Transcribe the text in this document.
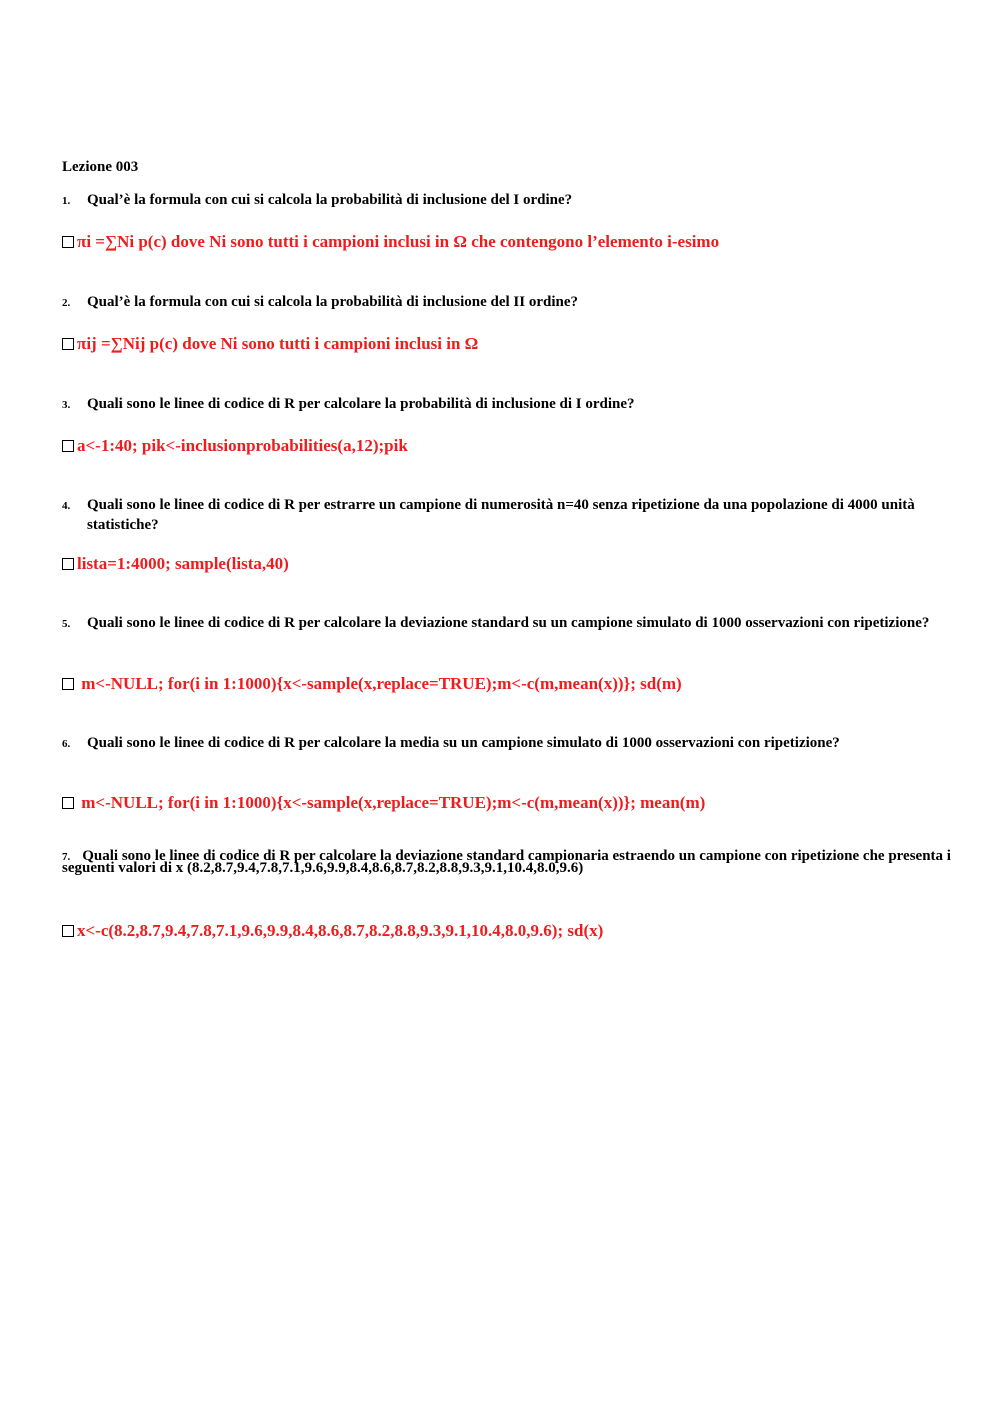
Lezione 003
1. Qual’è la formula con cui si calcola la probabilità di inclusione del I ordine?
πi =∑Ni p(c) dove Ni sono tutti i campioni inclusi in Ω che contengono l’elemento i-esimo
2. Qual’è la formula con cui si calcola la probabilità di inclusione del II ordine?
πij =∑Nij p(c) dove Ni sono tutti i campioni inclusi in Ω
3. Quali sono le linee di codice di R per calcolare la probabilità di inclusione di I ordine?
a<-1:40; pik<-inclusionprobabilities(a,12);pik
4. Quali sono le linee di codice di R per estrarre un campione di numerosità n=40 senza ripetizione da una popolazione di 4000 unità statistiche?
lista=1:4000; sample(lista,40)
5. Quali sono le linee di codice di R per calcolare la deviazione standard su un campione simulato di 1000 osservazioni con ripetizione?
m<-NULL; for(i in 1:1000){x<-sample(x,replace=TRUE);m<-c(m,mean(x))}; sd(m)
6. Quali sono le linee di codice di R per calcolare la media su un campione simulato di 1000 osservazioni con ripetizione?
m<-NULL; for(i in 1:1000){x<-sample(x,replace=TRUE);m<-c(m,mean(x))}; mean(m)
7. Quali sono le linee di codice di R per calcolare la deviazione standard campionaria estraendo un campione con ripetizione che presenta i seguenti valori di x (8.2,8.7,9.4,7.8,7.1,9.6,9.9,8.4,8.6,8.7,8.2,8.8,9.3,9.1,10.4,8.0,9.6)
x<-c(8.2,8.7,9.4,7.8,7.1,9.6,9.9,8.4,8.6,8.7,8.2,8.8,9.3,9.1,10.4,8.0,9.6); sd(x)
